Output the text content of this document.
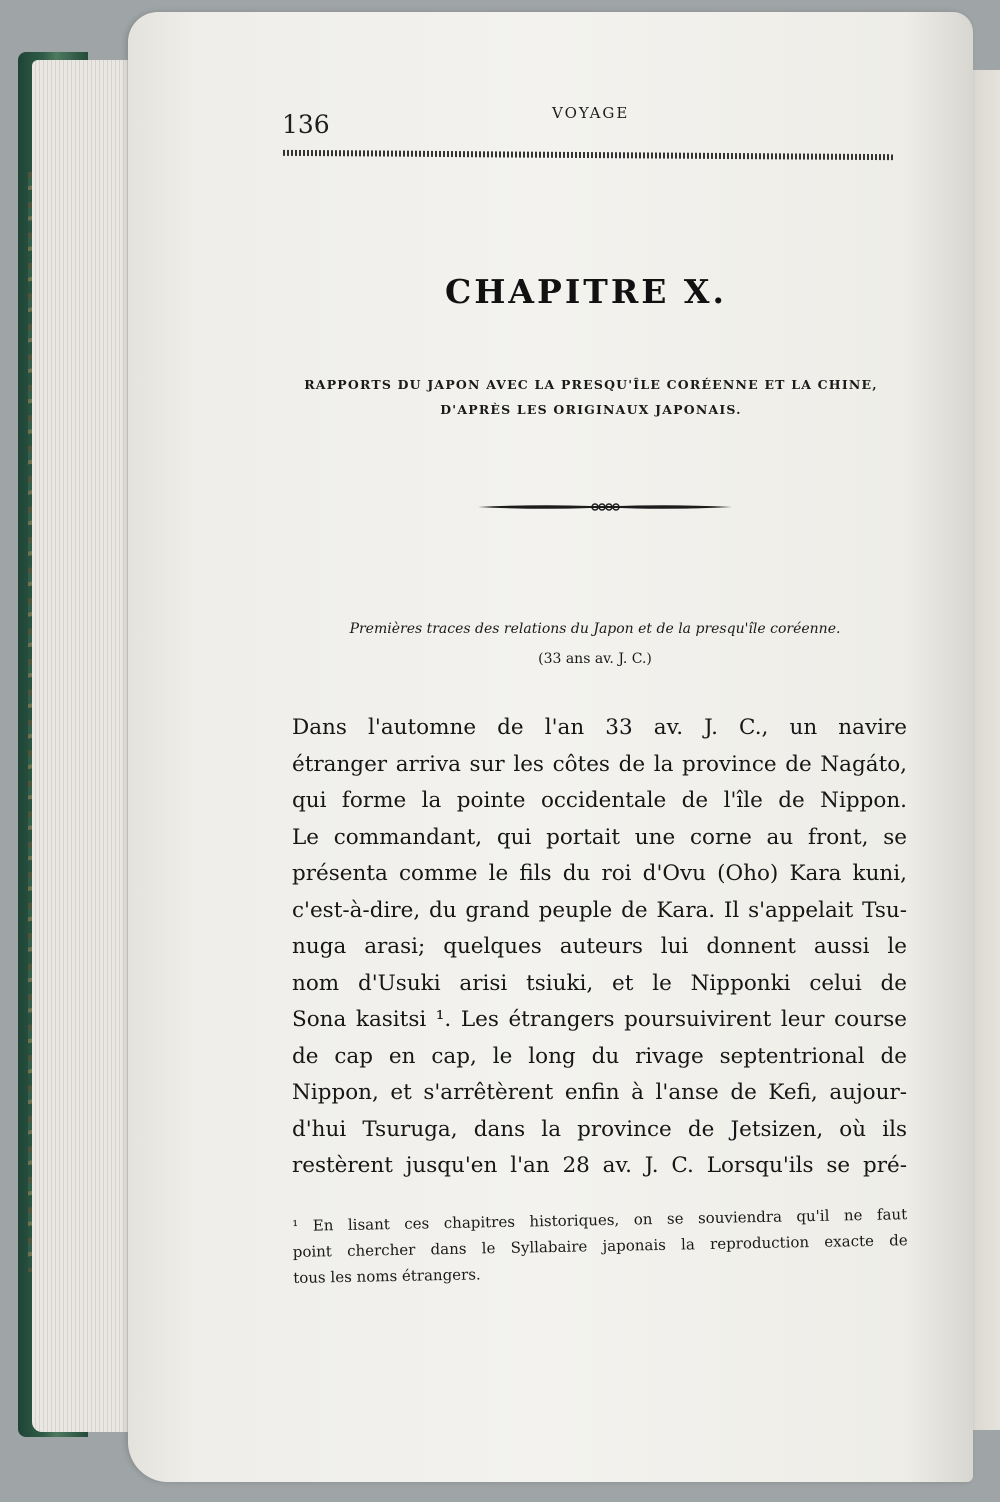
136	VOYAGE
CHAPITRE X.
RAPPORTS DU JAPON AVEC LA PRESQU'ÎLE CORÉENNE ET LA CHINE,
D'APRÈS LES ORIGINAUX JAPONAIS.
Premières traces des relations du Japon et de la presqu'île coréenne.
(33 ans av. J. C.)
Dans l'automne de l'an 33 av. J. C., un navire
étranger arriva sur les côtes de la province de Nagáto,
qui forme la pointe occidentale de l'île de Nippon.
Le commandant, qui portait une corne au front, se
présenta comme le fils du roi d'Ovu (Oho) Kara kuni,
c'est-à-dire, du grand peuple de Kara. Il s'appelait Tsu-
nuga arasi; quelques auteurs lui donnent aussi le
nom d'Usuki arisi tsiuki, et le Nipponki celui de
Sona kasitsi ¹. Les étrangers poursuivirent leur course
de cap en cap, le long du rivage septentrional de
Nippon, et s'arrêtèrent enfin à l'anse de Kefi, aujour-
d'hui Tsuruga, dans la province de Jetsizen, où ils
restèrent jusqu'en l'an 28 av. J. C. Lorsqu'ils se pré-
¹ En lisant ces chapitres historiques, on se souviendra qu'il ne faut
point chercher dans le Syllabaire japonais la reproduction exacte de
tous les noms étrangers.
